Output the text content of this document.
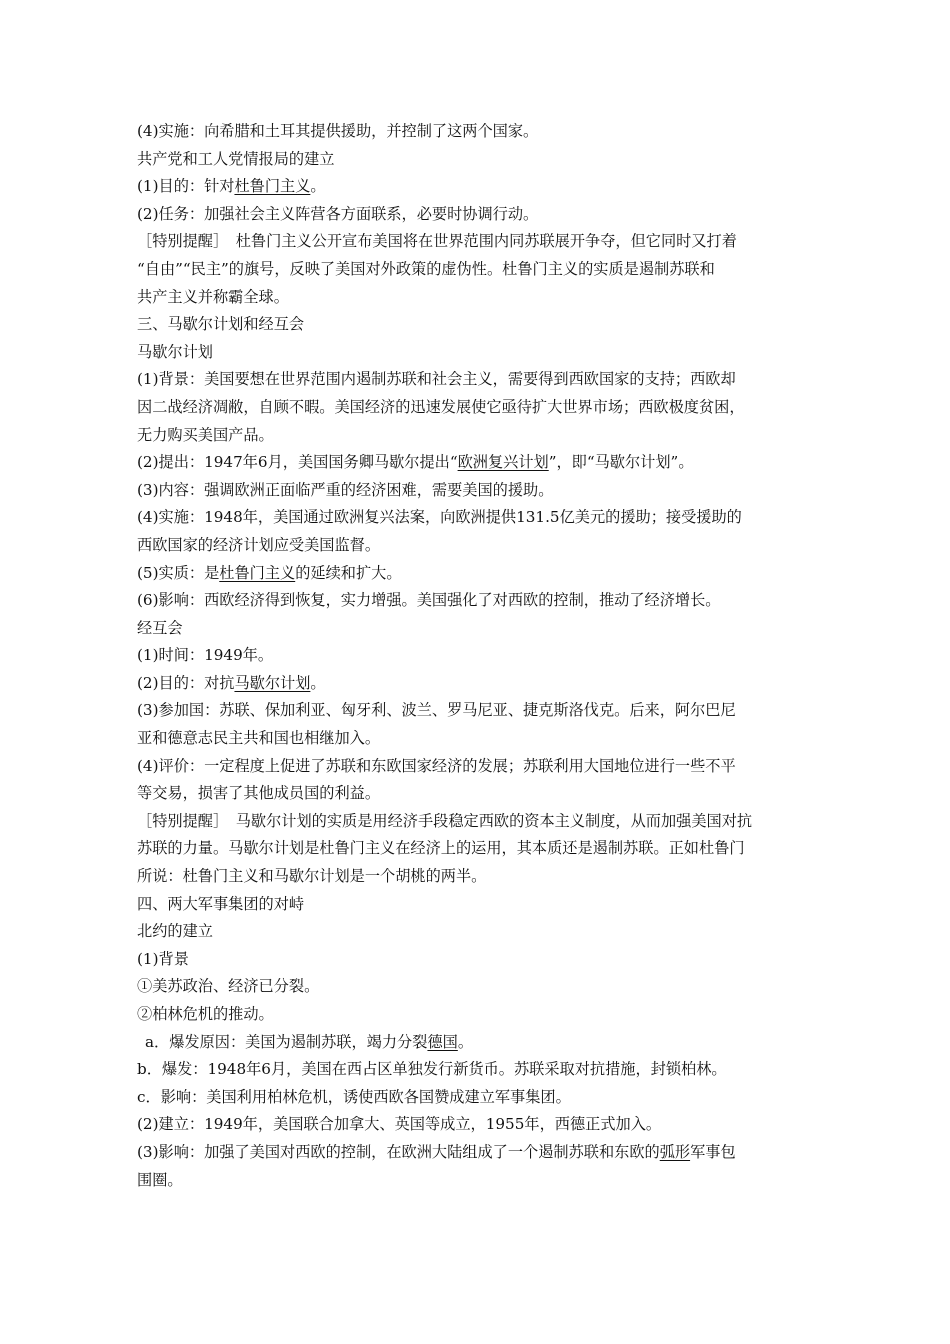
(4)实施：向希腊和土耳其提供援助，并控制了这两个国家。

共产党和工人党情报局的建立

(1)目的：针对杜鲁门主义。

(2)任务：加强社会主义阵营各方面联系，必要时协调行动。

［特别提醒］　杜鲁门主义公开宣布美国将在世界范围内同苏联展开争夺，但它同时又打着

“自由”“民主”的旗号，反映了美国对外政策的虚伪性。杜鲁门主义的实质是遏制苏联和

共产主义并称霸全球。

三、马歇尔计划和经互会

马歇尔计划

(1)背景：美国要想在世界范围内遏制苏联和社会主义，需要得到西欧国家的支持；西欧却

因二战经济凋敝，自顾不暇。美国经济的迅速发展使它亟待扩大世界市场；西欧极度贫困，

无力购买美国产品。

(2)提出：1947年6月，美国国务卿马歇尔提出“欧洲复兴计划”，即“马歇尔计划”。

(3)内容：强调欧洲正面临严重的经济困难，需要美国的援助。

(4)实施：1948年，美国通过欧洲复兴法案，向欧洲提供131.5亿美元的援助；接受援助的

西欧国家的经济计划应受美国监督。

(5)实质：是杜鲁门主义的延续和扩大。

(6)影响：西欧经济得到恢复，实力增强。美国强化了对西欧的控制，推动了经济增长。

经互会

(1)时间：1949年。

(2)目的：对抗马歇尔计划。

(3)参加国：苏联、保加利亚、匈牙利、波兰、罗马尼亚、捷克斯洛伐克。后来，阿尔巴尼

亚和德意志民主共和国也相继加入。

(4)评价：一定程度上促进了苏联和东欧国家经济的发展；苏联利用大国地位进行一些不平

等交易，损害了其他成员国的利益。

［特别提醒］　马歇尔计划的实质是用经济手段稳定西欧的资本主义制度，从而加强美国对抗

苏联的力量。马歇尔计划是杜鲁门主义在经济上的运用，其本质还是遏制苏联。正如杜鲁门

所说：杜鲁门主义和马歇尔计划是一个胡桃的两半。

四、两大军事集团的对峙

北约的建立

(1)背景

①美苏政治、经济已分裂。

②柏林危机的推动。

a．爆发原因：美国为遏制苏联，竭力分裂德国。

b．爆发：1948年6月，美国在西占区单独发行新货币。苏联采取对抗措施，封锁柏林。

c．影响：美国利用柏林危机，诱使西欧各国赞成建立军事集团。

(2)建立：1949年，美国联合加拿大、英国等成立，1955年，西德正式加入。

(3)影响：加强了美国对西欧的控制，在欧洲大陆组成了一个遏制苏联和东欧的弧形军事包

围圈。
